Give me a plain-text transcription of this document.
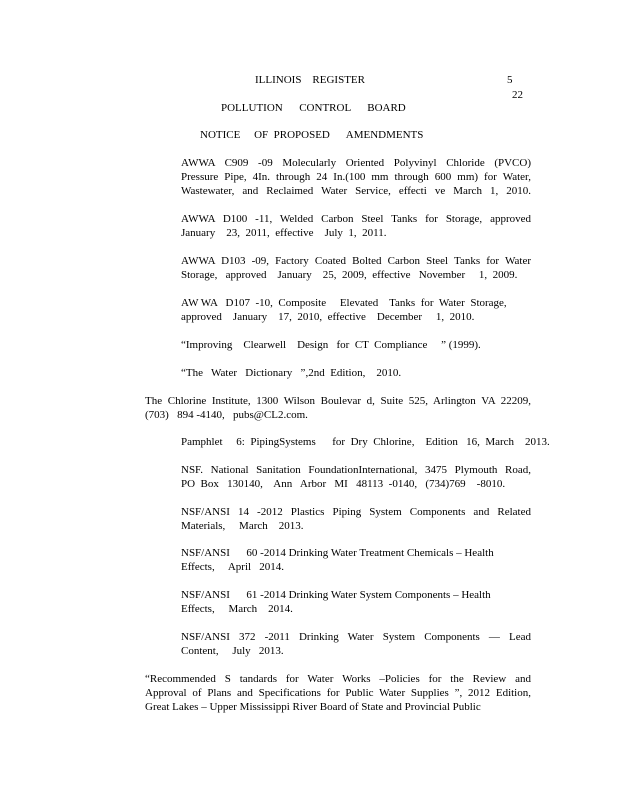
ILLINOIS    REGISTER	5
22
POLLUTION      CONTROL      BOARD
NOTICE     OF  PROPOSED      AMENDMENTS
AWWA C909 -09 Molecularly Oriented Polyvinyl Chloride (PVCO)
Pressure Pipe, 4In. through 24 In.(100 mm through 600 mm) for Water,
Wastewater, and Reclaimed Water Service, effecti ve March 1, 2010.
AWWA D100 -11, Welded Carbon Steel Tanks for Storage, approved
January    23,  2011,  effective    July  1,  2011.
AWWA D103 -09, Factory Coated Bolted Carbon Steel Tanks for Water
Storage,   approved    January    25,  2009,  effective   November     1,  2009.
AW WA   D107  -10,  Composite     Elevated    Tanks  for  Water  Storage,
approved    January    17,  2010,  effective    December     1,  2010.
“Improving    Clearwell    Design   for  CT  Compliance     ” (1999).
“The   Water   Dictionary   ”,2nd  Edition,    2010.
The Chlorine Institute, 1300 Wilson Boulevar d, Suite 525, Arlington VA 22209,
(703)   894 -4140,   pubs@CL2.com.
Pamphlet     6:  PipingSystems      for  Dry  Chlorine,    Edition   16,  March    2013.
NSF. National Sanitation FoundationInternational, 3475 Plymouth Road,
PO  Box   130140,    Ann   Arbor   MI   48113  -0140,   (734)769    -8010.
NSF/ANSI 14 -2012 Plastics Piping System Components and Related
Materials,     March    2013.
NSF/ANSI      60 -2014 Drinking Water Treatment Chemicals – Health
Effects,     April   2014.
NSF/ANSI      61 -2014 Drinking Water System Components – Health
Effects,     March    2014.
NSF/ANSI 372 -2011 Drinking Water System Components — Lead
Content,     July   2013.
“Recommended S tandards for Water Works –Policies for the Review and
Approval of Plans and Specifications for Public Water Supplies ”, 2012 Edition,
Great Lakes – Upper Mississippi River Board of State and Provincial Public
